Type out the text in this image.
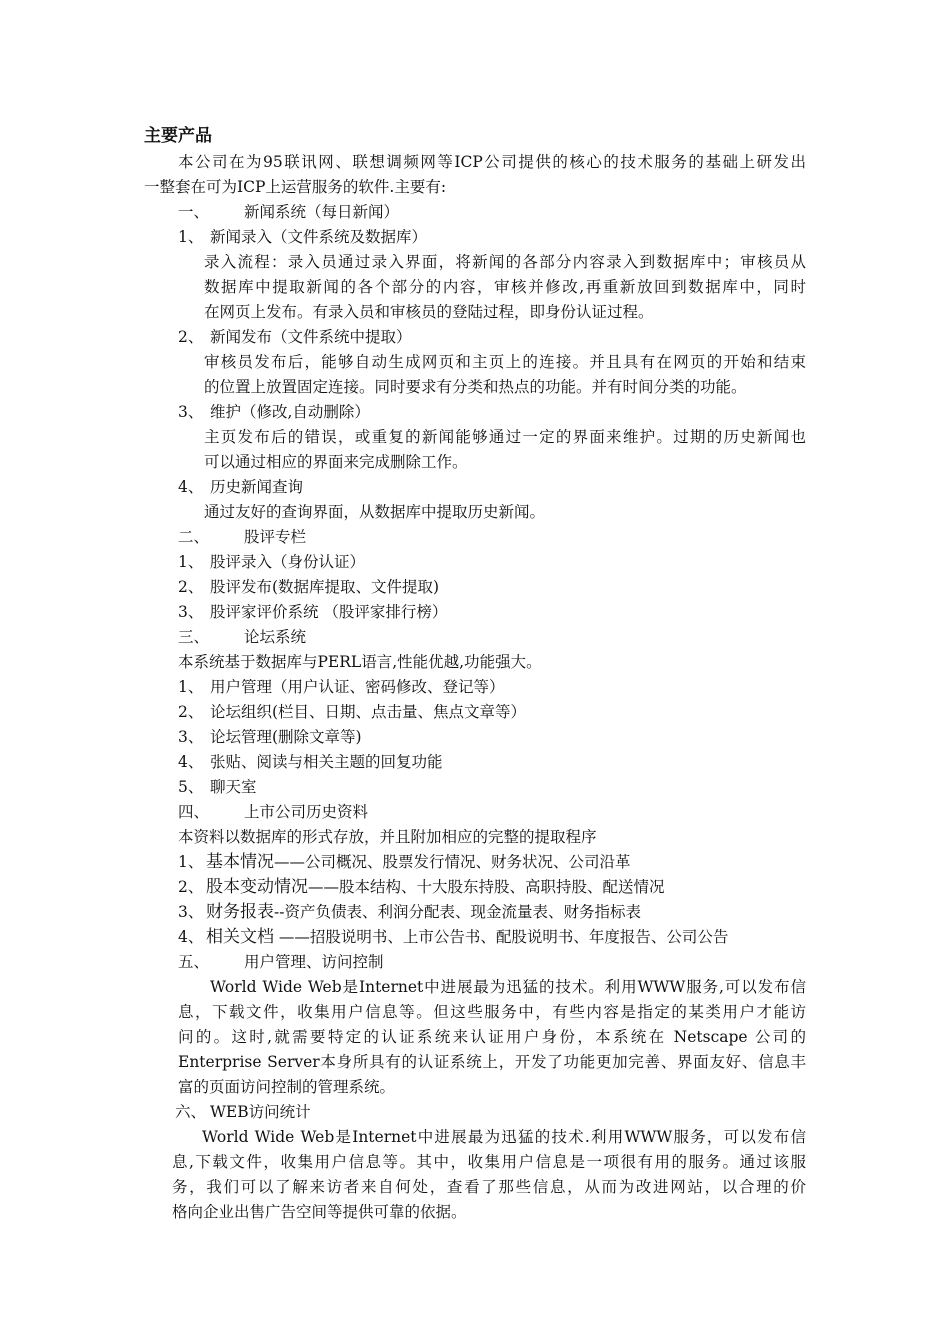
主要产品
本公司在为95联讯网、联想调频网等ICP公司提供的核心的技术服务的基础上研发出
一整套在可为ICP上运营服务的软件.主要有:
一、 新闻系统（每日新闻）
1、 新闻录入（文件系统及数据库）
录入流程：录入员通过录入界面，将新闻的各部分内容录入到数据库中；审核员从
数据库中提取新闻的各个部分的内容，审核并修改,再重新放回到数据库中，同时
在网页上发布。有录入员和审核员的登陆过程，即身份认证过程。
2、 新闻发布（文件系统中提取）
审核员发布后，能够自动生成网页和主页上的连接。并且具有在网页的开始和结束
的位置上放置固定连接。同时要求有分类和热点的功能。并有时间分类的功能。
3、 维护（修改,自动删除）
主页发布后的错误，或重复的新闻能够通过一定的界面来维护。过期的历史新闻也
可以通过相应的界面来完成删除工作。
4、 历史新闻查询
通过友好的查询界面，从数据库中提取历史新闻。
二、 股评专栏
1、 股评录入（身份认证）
2、 股评发布(数据库提取、文件提取)
3、 股评家评价系统 （股评家排行榜）
三、 论坛系统
本系统基于数据库与PERL语言,性能优越,功能强大。
1、 用户管理（用户认证、密码修改、登记等）
2、 论坛组织(栏目、日期、点击量、焦点文章等）
3、 论坛管理(删除文章等)
4、 张贴、阅读与相关主题的回复功能
5、 聊天室
四、 上市公司历史资料
本资料以数据库的形式存放，并且附加相应的完整的提取程序
1、 基本情况——公司概况、股票发行情况、财务状况、公司沿革
2、 股本变动情况——股本结构、十大股东持股、高职持股、配送情况
3、 财务报表--资产负债表、利润分配表、现金流量表、财务指标表
4、 相关文档 ——招股说明书、上市公告书、配股说明书、年度报告、公司公告
五、 用户管理、访问控制
World Wide Web是Internet中进展最为迅猛的技术。利用WWW服务,可以发布信
息，下载文件，收集用户信息等。但这些服务中，有些内容是指定的某类用户才能访
问的。这时,就需要特定的认证系统来认证用户身份，本系统在 Netscape 公司的
Enterprise Server本身所具有的认证系统上，开发了功能更加完善、界面友好、信息丰
富的页面访问控制的管理系统。
六、 WEB访问统计
World Wide Web是Internet中进展最为迅猛的技术.利用WWW服务，可以发布信
息,下载文件，收集用户信息等。其中，收集用户信息是一项很有用的服务。通过该服
务，我们可以了解来访者来自何处，查看了那些信息，从而为改进网站，以合理的价
格向企业出售广告空间等提供可靠的依据。
